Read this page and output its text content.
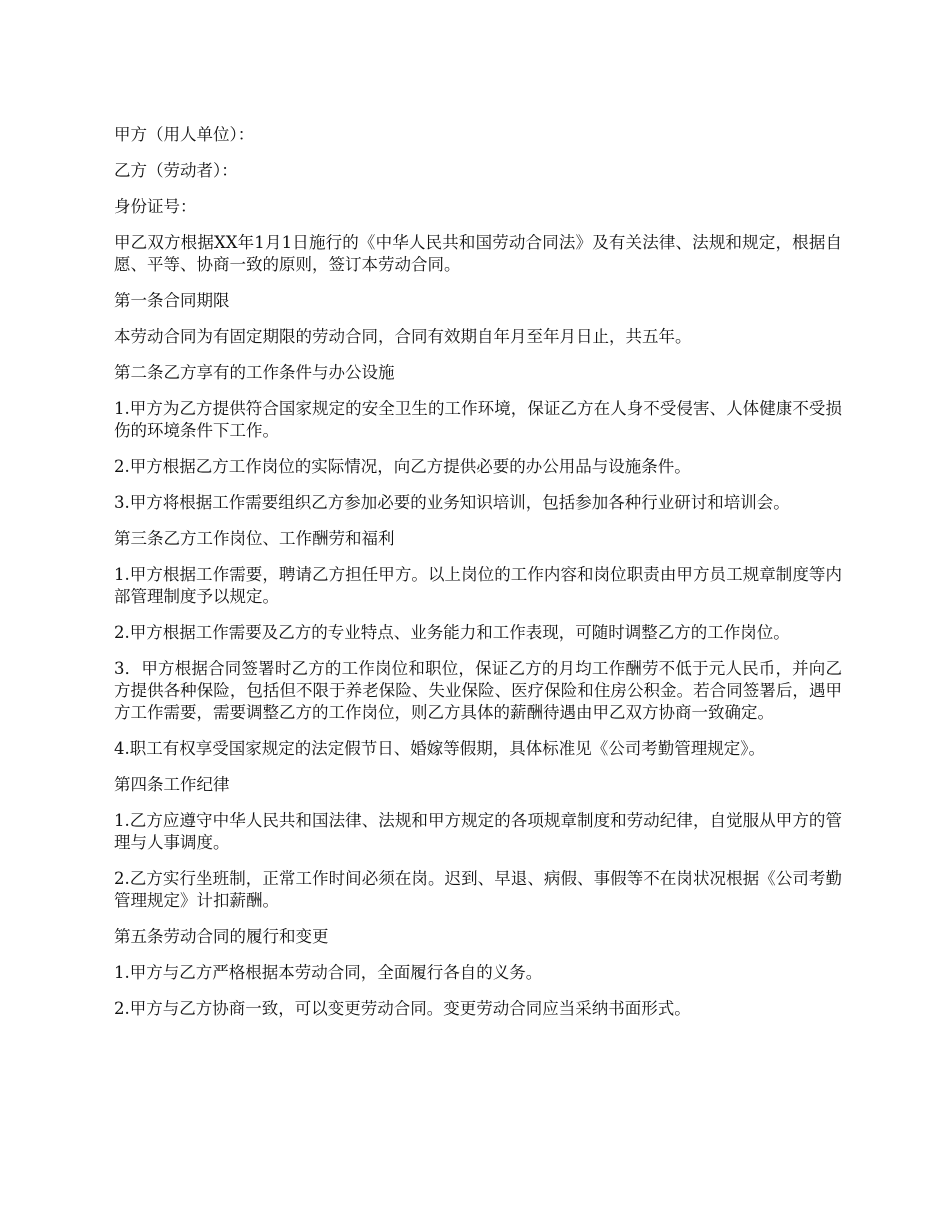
甲方（用人单位）：

乙方（劳动者）：

身份证号：

甲乙双方根据XX年1月1日施行的《中华人民共和国劳动合同法》及有关法律、法规和规定，根据自愿、平等、协商一致的原则，签订本劳动合同。

第一条合同期限

本劳动合同为有固定期限的劳动合同，合同有效期自年月至年月日止，共五年。

第二条乙方享有的工作条件与办公设施

1.甲方为乙方提供符合国家规定的安全卫生的工作环境，保证乙方在人身不受侵害、人体健康不受损伤的环境条件下工作。

2.甲方根据乙方工作岗位的实际情况，向乙方提供必要的办公用品与设施条件。

3.甲方将根据工作需要组织乙方参加必要的业务知识培训，包括参加各种行业研讨和培训会。

第三条乙方工作岗位、工作酬劳和福利

1.甲方根据工作需要，聘请乙方担任甲方。以上岗位的工作内容和岗位职责由甲方员工规章制度等内部管理制度予以规定。

2.甲方根据工作需要及乙方的专业特点、业务能力和工作表现，可随时调整乙方的工作岗位。

3．甲方根据合同签署时乙方的工作岗位和职位，保证乙方的月均工作酬劳不低于元人民币，并向乙方提供各种保险，包括但不限于养老保险、失业保险、医疗保险和住房公积金。若合同签署后，遇甲方工作需要，需要调整乙方的工作岗位，则乙方具体的薪酬待遇由甲乙双方协商一致确定。

4.职工有权享受国家规定的法定假节日、婚嫁等假期，具体标准见《公司考勤管理规定》。

第四条工作纪律

1.乙方应遵守中华人民共和国法律、法规和甲方规定的各项规章制度和劳动纪律，自觉服从甲方的管理与人事调度。

2.乙方实行坐班制，正常工作时间必须在岗。迟到、早退、病假、事假等不在岗状况根据《公司考勤管理规定》计扣薪酬。

第五条劳动合同的履行和变更

1.甲方与乙方严格根据本劳动合同，全面履行各自的义务。

2.甲方与乙方协商一致，可以变更劳动合同。变更劳动合同应当采纳书面形式。
